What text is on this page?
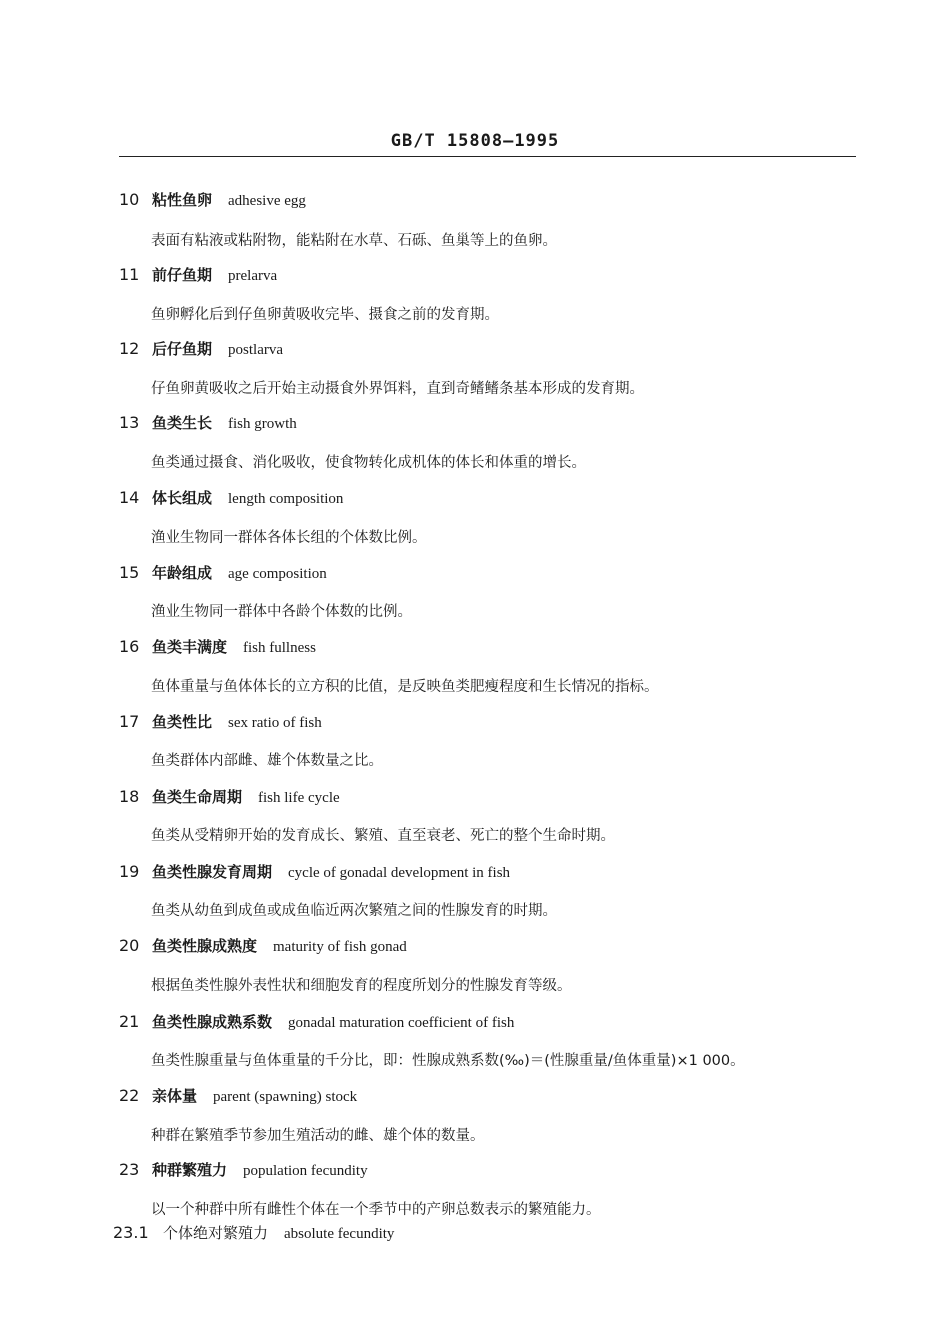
GB/T 15808—1995
10 粘性鱼卵 adhesive egg
表面有粘液或粘附物，能粘附在水草、石砾、鱼巢等上的鱼卵。
11 前仔鱼期 prelarva
鱼卵孵化后到仔鱼卵黄吸收完毕、摄食之前的发育期。
12 后仔鱼期 postlarva
仔鱼卵黄吸收之后开始主动摄食外界饵料，直到奇鳍鳍条基本形成的发育期。
13 鱼类生长 fish growth
鱼类通过摄食、消化吸收，使食物转化成机体的体长和体重的增长。
14 体长组成 length composition
渔业生物同一群体各体长组的个体数比例。
15 年龄组成 age composition
渔业生物同一群体中各龄个体数的比例。
16 鱼类丰满度 fish fullness
鱼体重量与鱼体体长的立方积的比值，是反映鱼类肥瘦程度和生长情况的指标。
17 鱼类性比 sex ratio of fish
鱼类群体内部雌、雄个体数量之比。
18 鱼类生命周期 fish life cycle
鱼类从受精卵开始的发育成长、繁殖、直至衰老、死亡的整个生命时期。
19 鱼类性腺发育周期 cycle of gonadal development in fish
鱼类从幼鱼到成鱼或成鱼临近两次繁殖之间的性腺发育的时期。
20 鱼类性腺成熟度 maturity of fish gonad
根据鱼类性腺外表性状和细胞发育的程度所划分的性腺发育等级。
21 鱼类性腺成熟系数 gonadal maturation coefficient of fish
鱼类性腺重量与鱼体重量的千分比，即：性腺成熟系数(‰)＝(性腺重量/鱼体重量)×1 000。
22 亲体量 parent (spawning) stock
种群在繁殖季节参加生殖活动的雌、雄个体的数量。
23 种群繁殖力 population fecundity
以一个种群中所有雌性个体在一个季节中的产卵总数表示的繁殖能力。
23.1 个体绝对繁殖力 absolute fecundity
